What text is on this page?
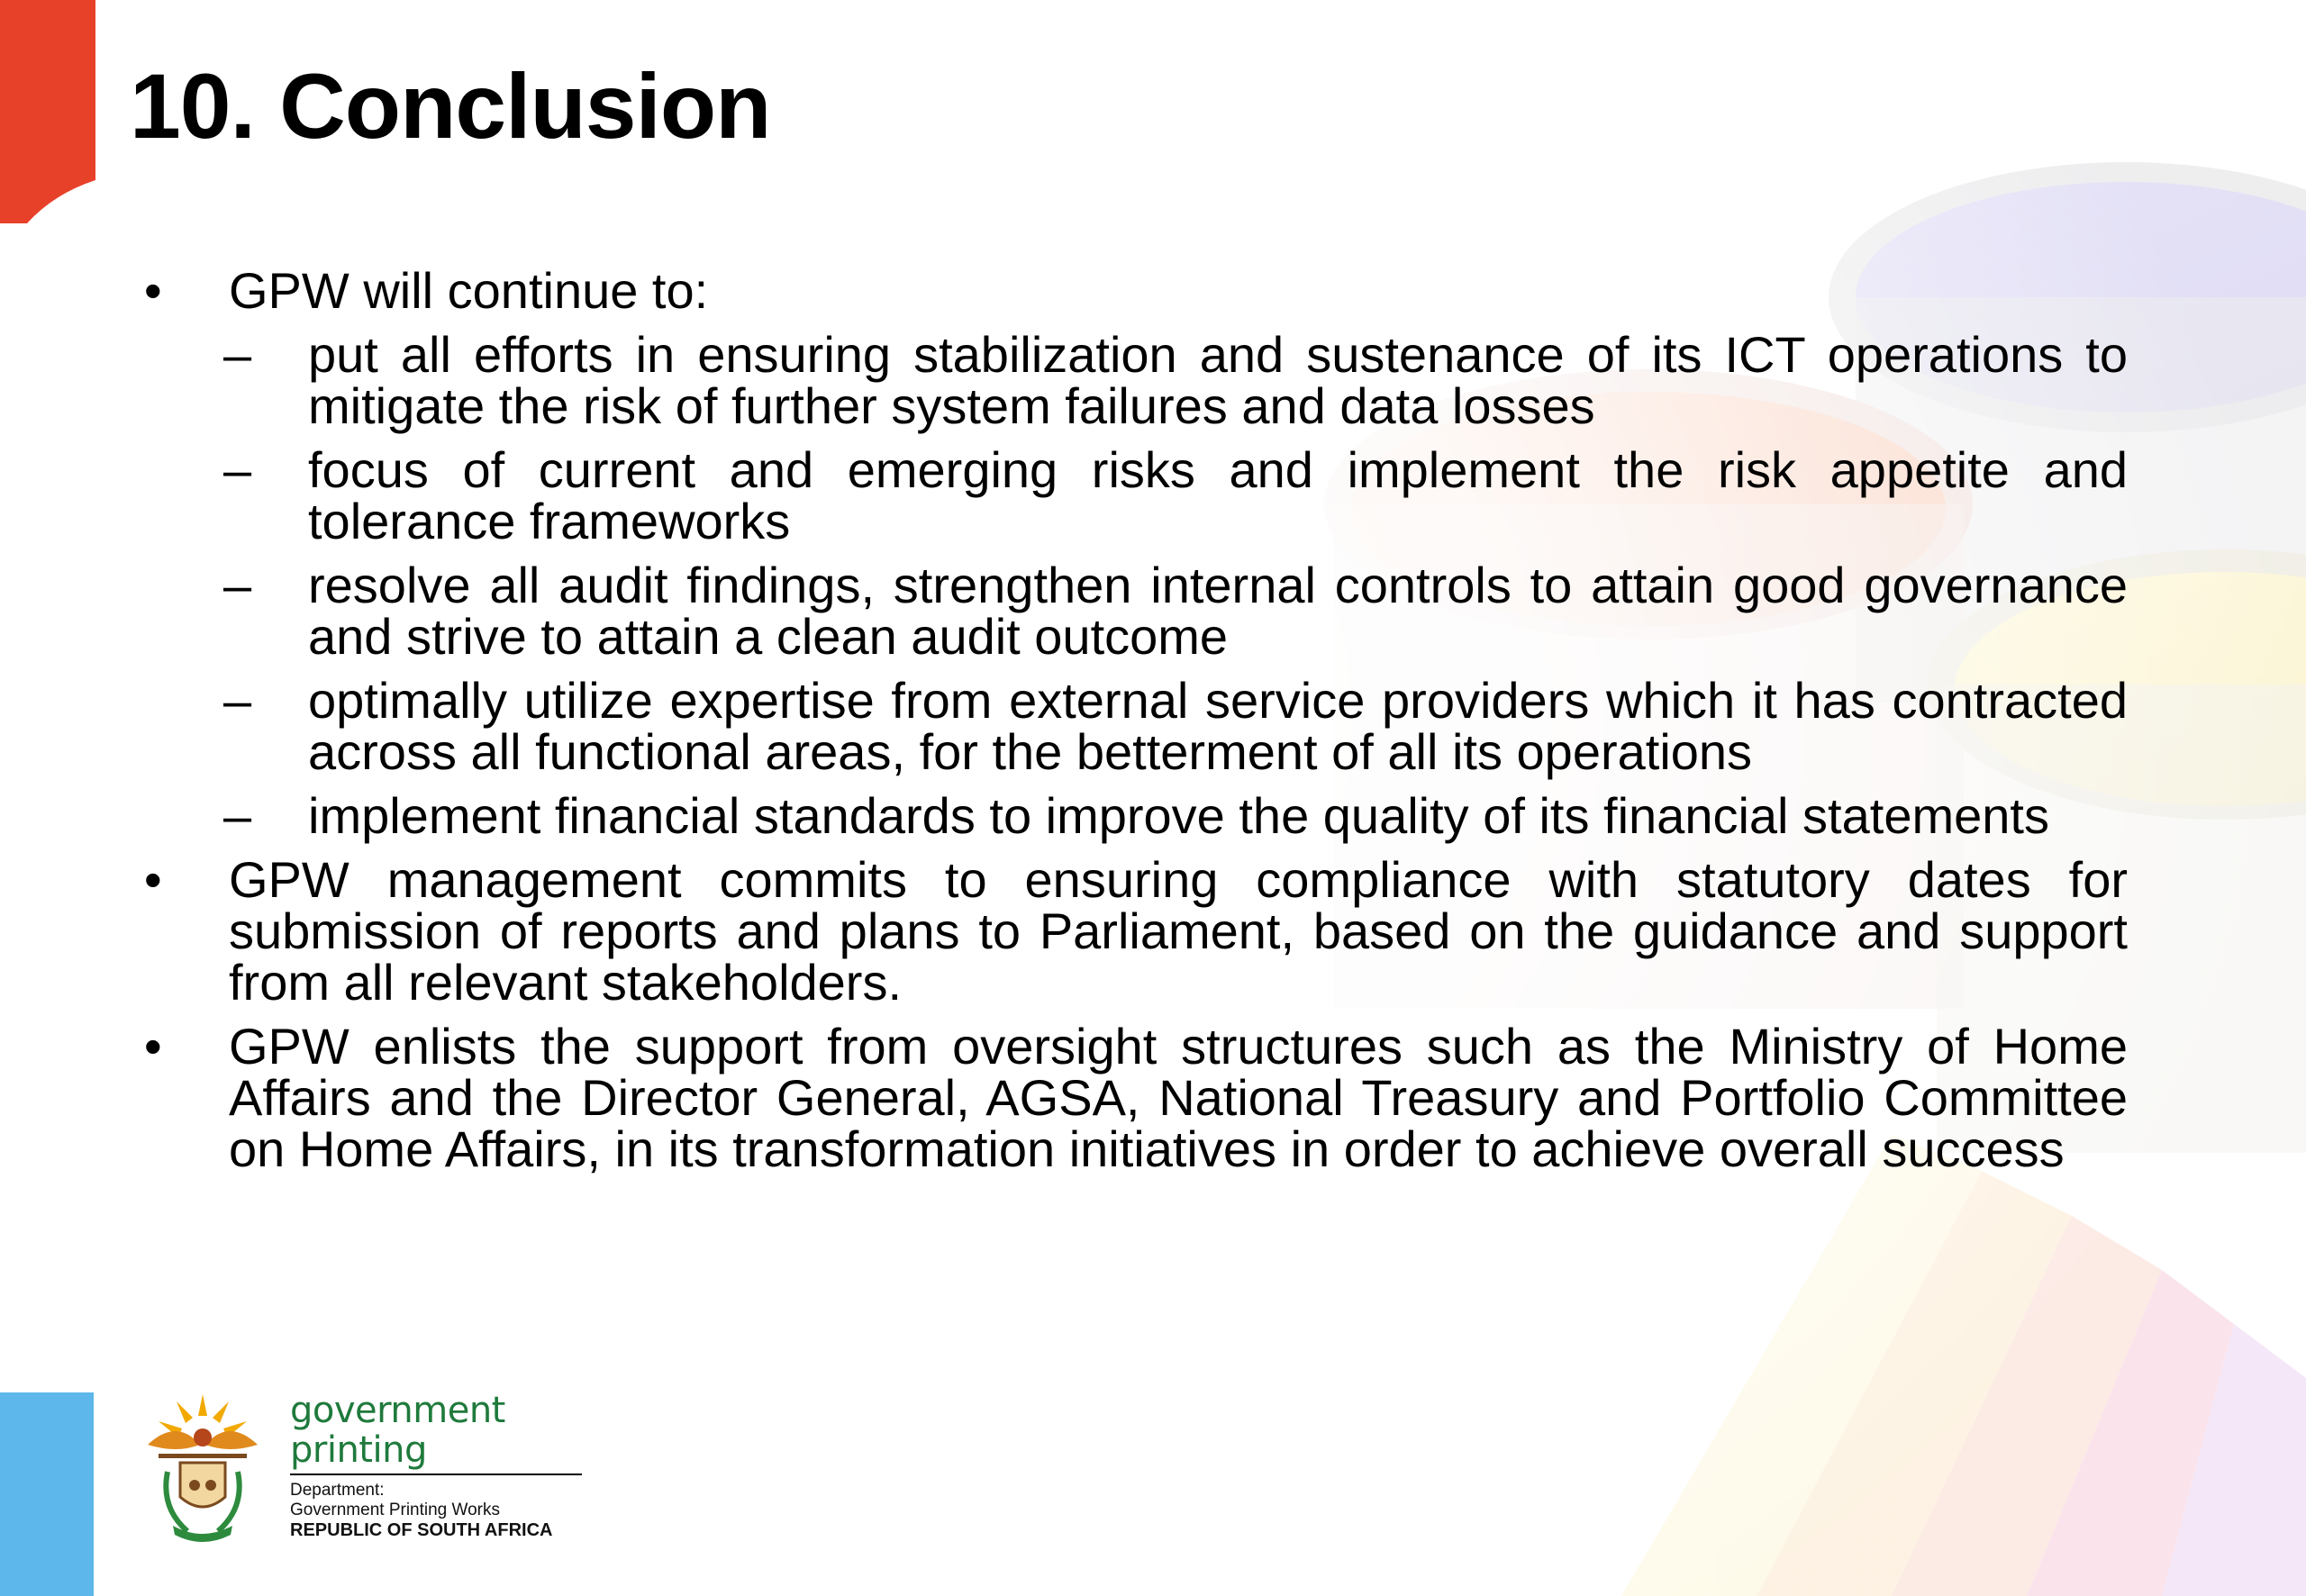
10. Conclusion
•	GPW will continue to:
– put all efforts in ensuring stabilization and sustenance of its ICT operations to mitigate the risk of further system failures and data losses
– focus of current and emerging risks and implement the risk appetite and tolerance frameworks
– resolve all audit findings, strengthen internal controls to attain good governance and strive to attain a clean audit outcome
– optimally utilize expertise from external service providers which it has contracted across all functional areas, for the betterment of all its operations
– implement financial standards to improve the quality of its financial statements
•	GPW management commits to ensuring compliance with statutory dates for submission of reports and plans to Parliament, based on the guidance and support from all relevant stakeholders.
•	GPW enlists the support from oversight structures such as the Ministry of Home Affairs and the Director General, AGSA, National Treasury and Portfolio Committee on Home Affairs, in its transformation initiatives in order to achieve overall success
government
printing
Department:
Government Printing Works
REPUBLIC OF SOUTH AFRICA
